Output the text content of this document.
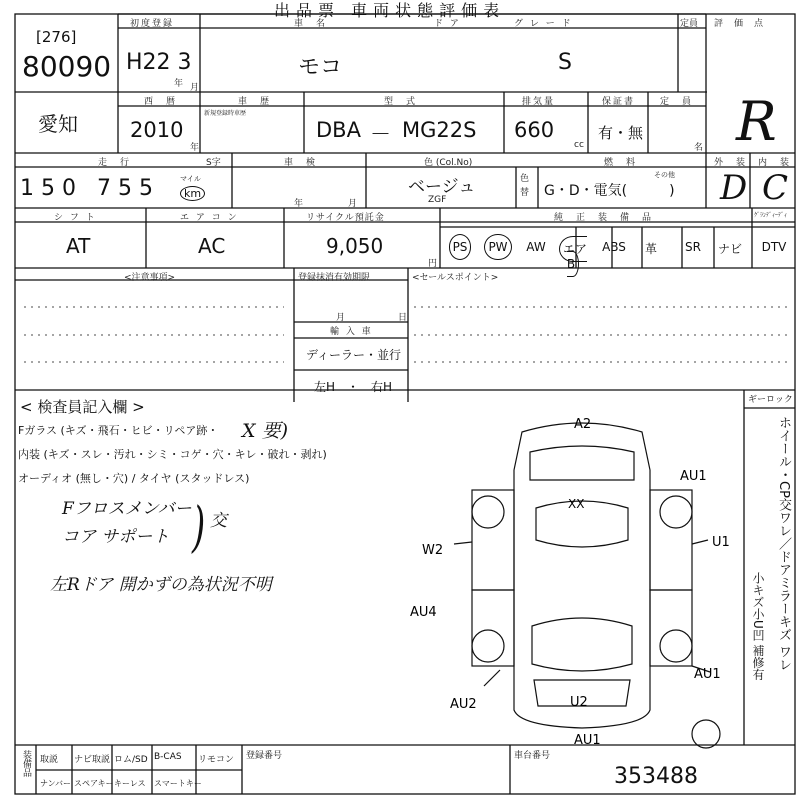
出品票 車両状態評価表
[276]
80090
初度登録
H22 3
年 月
車　名
モコ
ド ア	グ レ ー ド
S
定員 評　価　点
R
愛知
西　暦
2010
年
車　歴
新規登録時車歴
型　式
DBA － MG22S
排気量
660
cc
保証書
有・無
定　員
名
走　行	S字
150 755	マイル
km
車　検
年	月
色 (Col.No)
ベージュ
ZGF
色替
燃　料
G・D・電気(　　　)
その他
外　装
D
内　装
C
シ フ ト
AT
エ ア コ ン
AC
リサイクル預託金
9,050
円
純　正　装　備　品	ｸﾞﾗﾝﾃﾞｨｰﾃﾞｨ
PS	PW	AW	エアB
ABS	革	SR	ナビ	DTV
<注意事項>	登録抹消有効期限
月	日
輸 入 車
ディーラー・並行
左H　・　右H
<セールスポイント>
< 検査員記入欄 >
Fガラス (キズ・飛石・ヒビ・リペア跡・ X 要)
内装 (キズ・スレ・汚れ・シミ・コゲ・穴・キレ・破れ・剥れ)
オーディオ (無し・穴) / タイヤ (スタッドレス)
Fフロスメンバー
コア サポート ) 交
左Rドア 開かずの為状況不明
A2
AU1
U1
W2
AU4
AU1
AU2	U2
AU1
XX
ギーロック
ホイール・CP交ワレ／ドアミラーキズ ワレ
小キズ小U凹 補修有
装備品 取説 ナビ取説 ロム/SD B-CAS リモコン
ナンバー スペアキー キーレス スマートキー
登録番号	車台番号
353488
